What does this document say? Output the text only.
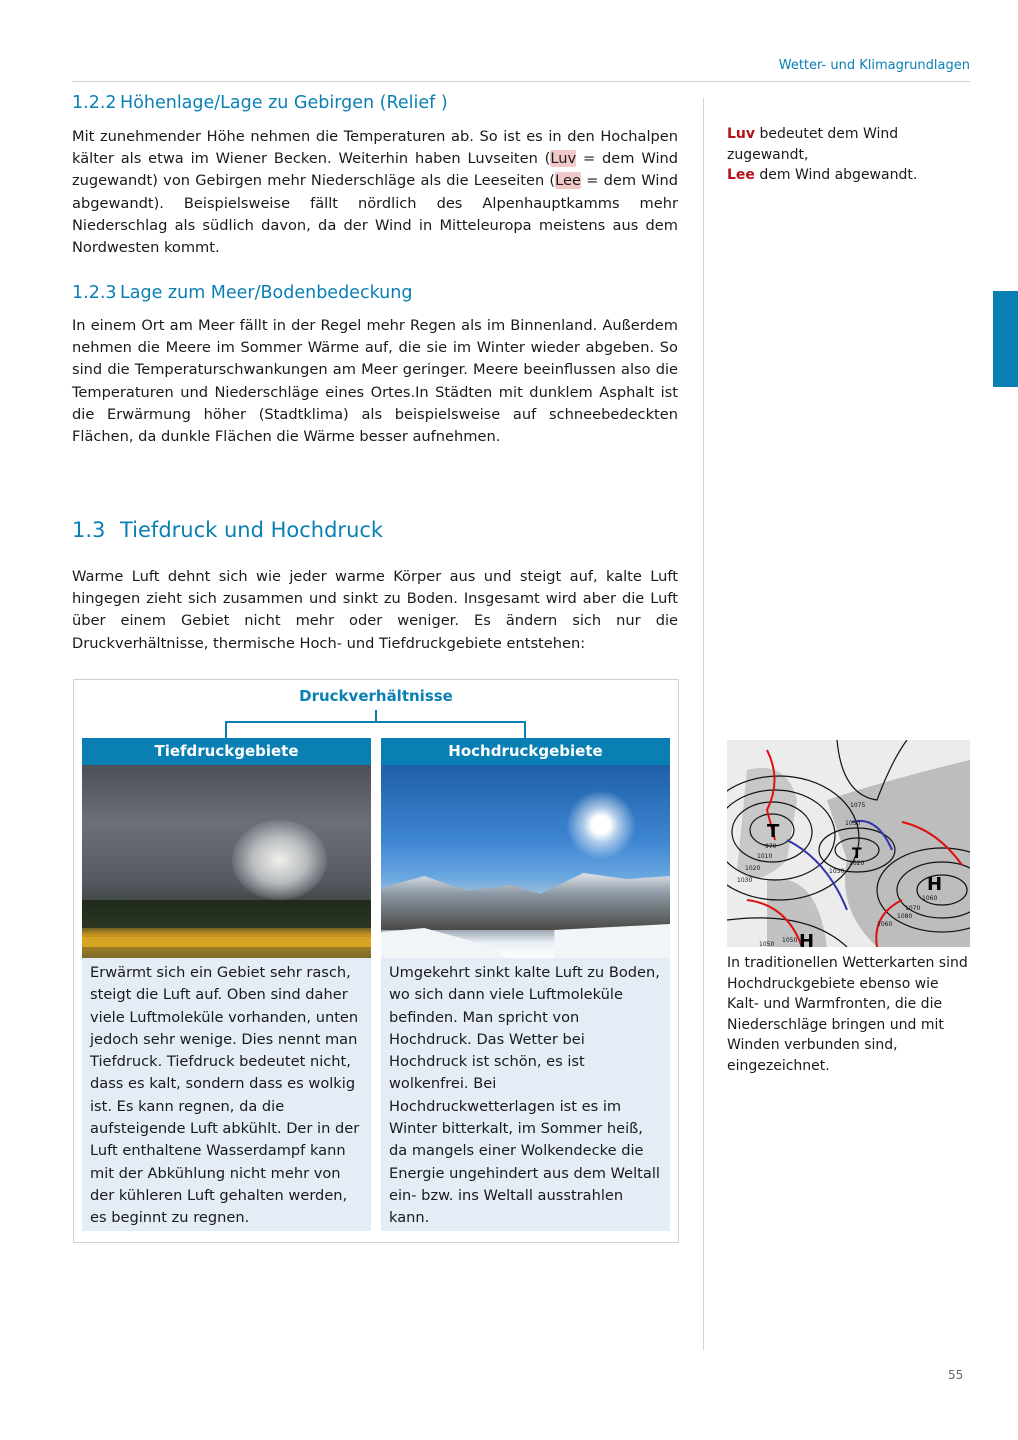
Wetter- und Klimagrundlagen
1.2.2 Höhenlage/Lage zu Gebirgen (Relief )

Mit zunehmender Höhe nehmen die Temperaturen ab. So ist es in den Hochalpen kälter als etwa im Wiener Becken. Weiterhin haben Luvseiten (Luv = dem Wind zugewandt) von Gebirgen mehr Niederschläge als die Leeseiten (Lee = dem Wind abgewandt). Beispielsweise fällt nördlich des Alpenhauptkamms mehr Niederschlag als südlich davon, da der Wind in Mitteleuropa meistens aus dem Nordwesten kommt.

1.2.3 Lage zum Meer/Bodenbedeckung

In einem Ort am Meer fällt in der Regel mehr Regen als im Binnenland. Außerdem nehmen die Meere im Sommer Wärme auf, die sie im Winter wieder abgeben. So sind die Temperaturschwankungen am Meer geringer. Meere beeinflussen also die Temperaturen und Niederschläge eines Ortes.In Städten mit dunklem Asphalt ist die Erwärmung höher (Stadtklima) als beispielsweise auf schneebedeckten Flächen, da dunkle Flächen die Wärme besser aufnehmen.

1.3 Tiefdruck und Hochdruck

Warme Luft dehnt sich wie jeder warme Körper aus und steigt auf, kalte Luft hingegen zieht sich zusammen und sinkt zu Boden. Insgesamt wird aber die Luft über einem Gebiet nicht mehr oder weniger. Es ändern sich nur die Druckverhältnisse, thermische Hoch- und Tiefdruckgebiete entstehen:

Luv bedeutet dem Wind zugewandt,
Lee dem Wind abgewandt.
Druckverhältnisse
Tiefdruckgebiete
Erwärmt sich ein Gebiet sehr rasch, steigt die Luft auf. Oben sind daher viele Luftmoleküle vorhanden, unten jedoch sehr wenige. Dies nennt man Tiefdruck. Tiefdruck bedeutet nicht, dass es kalt, sondern dass es wolkig ist. Es kann regnen, da die aufsteigende Luft abkühlt. Der in der Luft enthaltene Wasserdampf kann mit der Abkühlung nicht mehr von der kühleren Luft gehalten werden, es beginnt zu regnen.
Hochdruckgebiete
Umgekehrt sinkt kalte Luft zu Boden, wo sich dann viele Luftmoleküle befinden. Man spricht von Hochdruck. Das Wetter bei Hochdruck ist schön, es ist wolkenfrei. Bei Hochdruckwetterlagen ist es im Winter bitterkalt, im Sommer heiß, da mangels einer Wolkendecke die Energie ungehindert aus dem Weltall ein- bzw. ins Weltall ausstrahlen kann.
T
T
H
H
970
1010
1020
1030
1020
1030
1050
1075
1060
1070
1080
1060
1050
1050
In traditionellen Wetterkarten sind Hochdruckgebiete ebenso wie Kalt- und Warmfronten, die die Niederschläge bringen und mit Winden verbunden sind, eingezeichnet.
55
